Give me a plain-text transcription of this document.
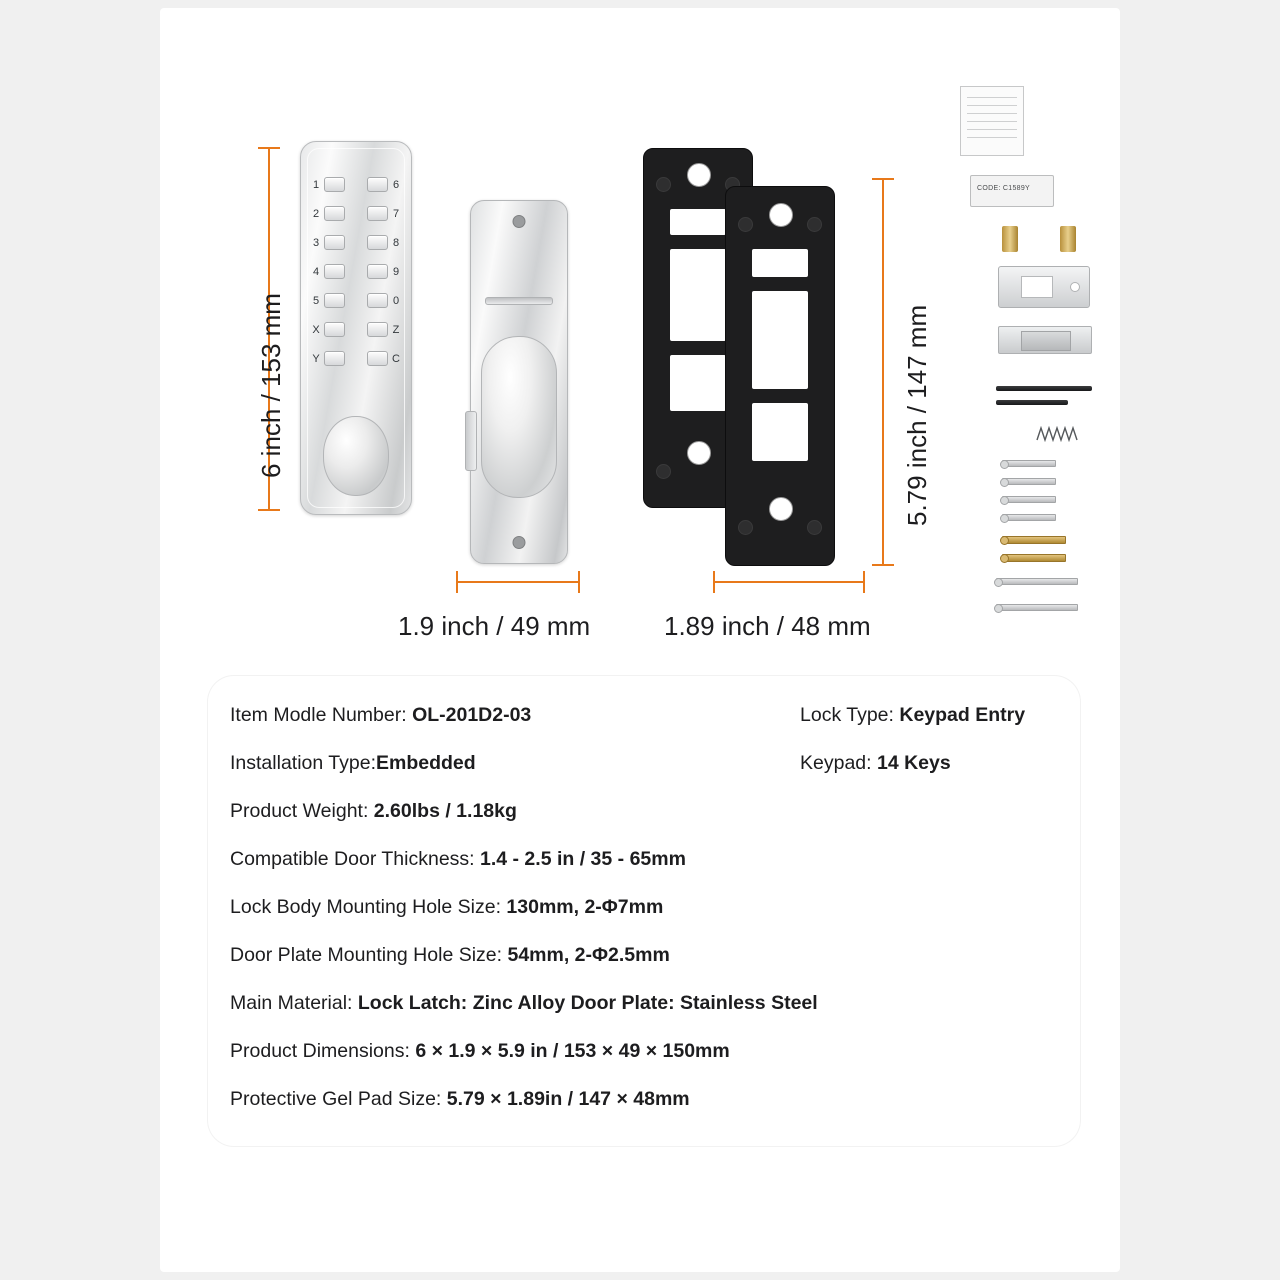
1	6
2	7
3	8
4	9
5	0
X	Z
Y	C
CODE: C1589Y
6 inch / 153 mm
1.9 inch / 49 mm
5.79 inch / 147 mm
1.89 inch / 48 mm
Item Modle Number: OL-201D2-03
Installation Type:Embedded
Product Weight: 2.60lbs / 1.18kg
Compatible Door Thickness: 1.4 - 2.5 in / 35 - 65mm
Lock Body Mounting Hole Size: 130mm, 2-Φ7mm
Door Plate Mounting Hole Size: 54mm, 2-Φ2.5mm
Main Material: Lock Latch: Zinc Alloy Door Plate: Stainless Steel
Product Dimensions: 6 × 1.9 × 5.9 in / 153 × 49 × 150mm
Protective Gel Pad Size: 5.79 × 1.89in / 147 × 48mm
Lock Type: Keypad Entry
Keypad: 14 Keys
